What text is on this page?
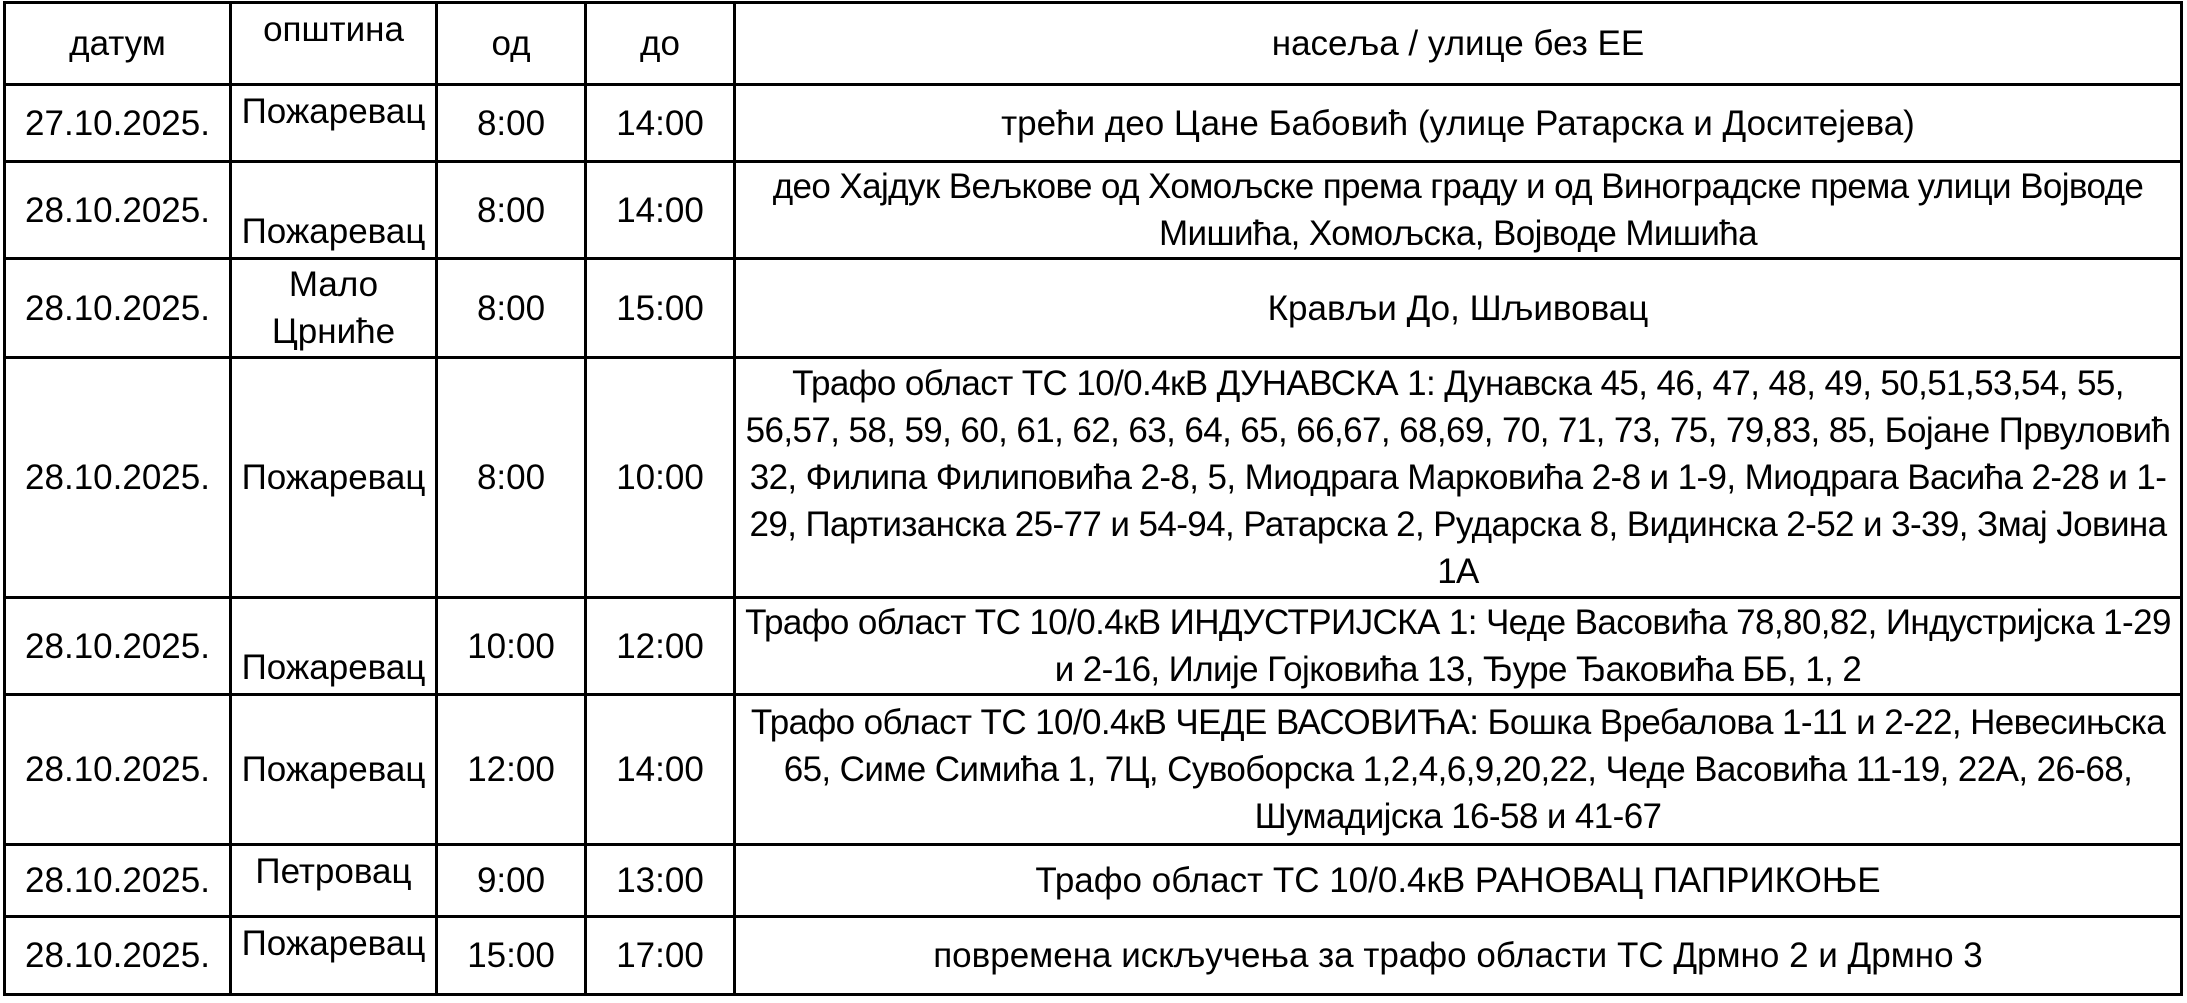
датум	општина	од	до	насеља / улице без ЕЕ
27.10.2025.	Пожаревац	8:00	14:00	трећи део Цане Бабовић (улице Ратарска и Доситејева)
28.10.2025.	Пожаревац	8:00	14:00	део Хајдук Вељкове од Хомољске према граду и од Виноградске према улици Војводе Мишића, Хомољска, Војводе Мишића
28.10.2025.	Мало Црниће	8:00	15:00	Крављи До, Шљивовац
28.10.2025.	Пожаревац	8:00	10:00	Трафо област ТС 10/0.4кВ ДУНАВСКА 1: Дунавска 45, 46, 47, 48, 49, 50,51,53,54, 55, 56,57, 58, 59, 60, 61, 62, 63, 64, 65, 66,67, 68,69, 70, 71, 73, 75, 79,83, 85, Бојане Првуловић 32, Филипа Филиповића 2-8, 5, Миодрага Марковића 2-8 и 1-9, Миодрага Васића 2-28 и 1-29, Партизанска 25-77 и 54-94, Ратарска 2, Рударска 8, Видинска 2-52 и 3-39, Змај Јовина 1А
28.10.2025.	Пожаревац	10:00	12:00	Трафо област ТС 10/0.4кВ ИНДУСТРИЈСКА 1: Чеде Васовића 78,80,82, Индустријска 1-29 и 2-16, Илије Гојковића 13, Ђуре Ђаковића ББ, 1, 2
28.10.2025.	Пожаревац	12:00	14:00	Трафо област ТС 10/0.4кВ ЧЕДЕ ВАСОВИЋА: Бошка Вребалова 1-11 и 2-22, Невесињска 65, Симе Симића 1, 7Ц, Сувоборска 1,2,4,6,9,20,22, Чеде Васовића 11-19, 22А, 26-68, Шумадијска 16-58 и 41-67
28.10.2025.	Петровац	9:00	13:00	Трафо област ТС 10/0.4кВ РАНОВАЦ ПАПРИКОЊЕ
28.10.2025.	Пожаревац	15:00	17:00	повремена искључења за трафо области ТС Дрмно 2 и Дрмно 3
